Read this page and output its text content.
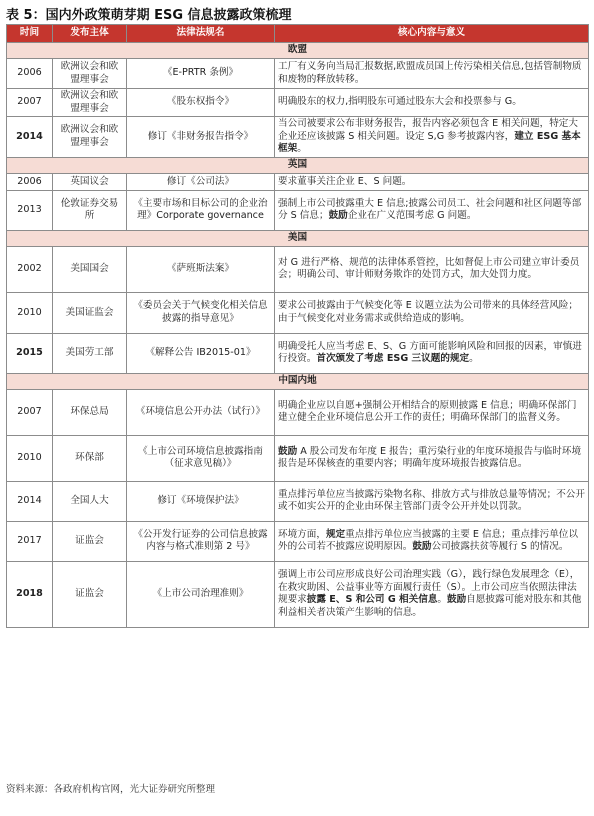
表 5：国内外政策萌芽期 ESG 信息披露政策梳理
时间	发布主体	法律法规名	核心内容与意义
欧盟			
2006	欧洲议会和欧盟理事会	《E-PRTR 条例》	工厂有义务向当局汇报数据,欧盟成员国上传污染相关信息,包括管制物质和废物的释放转移。
2007	欧洲议会和欧盟理事会	《股东权指令》	明确股东的权力,指明股东可通过股东大会和投票参与 G。
2014	欧洲议会和欧盟理事会	修订《非财务报告指令》	当公司被要求公布非财务报告，报告内容必须包含 E 相关问题，特定大企业还应该披露 S 相关问题。设定 S,G 参考披露内容，建立 ESG 基本框架。
英国			
2006	英国议会	修订《公司法》	要求董事关注企业 E、S 问题。
2013	伦敦证券交易所	《主要市场和目标公司的企业治理》Corporate governance	强制上市公司披露重大 E 信息;披露公司员工、社会问题和社区问题等部分 S 信息；鼓励企业在广义范围考虑 G 问题。
美国			
2002	美国国会	《萨班斯法案》	对 G 进行严格、规范的法律体系管控，比如督促上市公司建立审计委员会；明确公司、审计师财务欺诈的处罚方式，加大处罚力度。
2010	美国证监会	《委员会关于气候变化相关信息披露的指导意见》	要求公司披露由于气候变化等 E 议题立法为公司带来的具体经营风险；由于气候变化对业务需求或供给造成的影响。
2015	美国劳工部	《解释公告 IB2015-01》	明确受托人应当考虑 E、S、G 方面可能影响风险和回报的因素，审慎进行投资。首次颁发了考虑 ESG 三议题的规定。
中国内地			
2007	环保总局	《环境信息公开办法（试行）》	明确企业应以自愿+强制公开相结合的原则披露 E 信息；明确环保部门建立健全企业环境信息公开工作的责任；明确环保部门的监督义务。
2010	环保部	《上市公司环境信息披露指南（征求意见稿）》	鼓励 A 股公司发布年度 E 报告；重污染行业的年度环境报告与临时环境报告是环保核查的重要内容；明确年度环境报告披露信息。
2014	全国人大	修订《环境保护法》	重点排污单位应当披露污染物名称、排放方式与排放总量等情况；不公开或不如实公开的企业由环保主管部门责令公开并处以罚款。
2017	证监会	《公开发行证券的公司信息披露内容与格式准则第 2 号》	环境方面，规定重点排污单位应当披露的主要 E 信息；重点排污单位以外的公司若不披露应说明原因。鼓励公司披露扶贫等履行 S 的情况。
2018	证监会	《上市公司治理准则》	强调上市公司应形成良好公司治理实践（G），践行绿色发展理念（E），在救灾助困、公益事业等方面履行责任（S）。上市公司应当依照法律法规要求披露 E、S 和公司 G 相关信息。鼓励自愿披露可能对股东和其他利益相关者决策产生影响的信息。
资料来源：各政府机构官网，光大证券研究所整理
